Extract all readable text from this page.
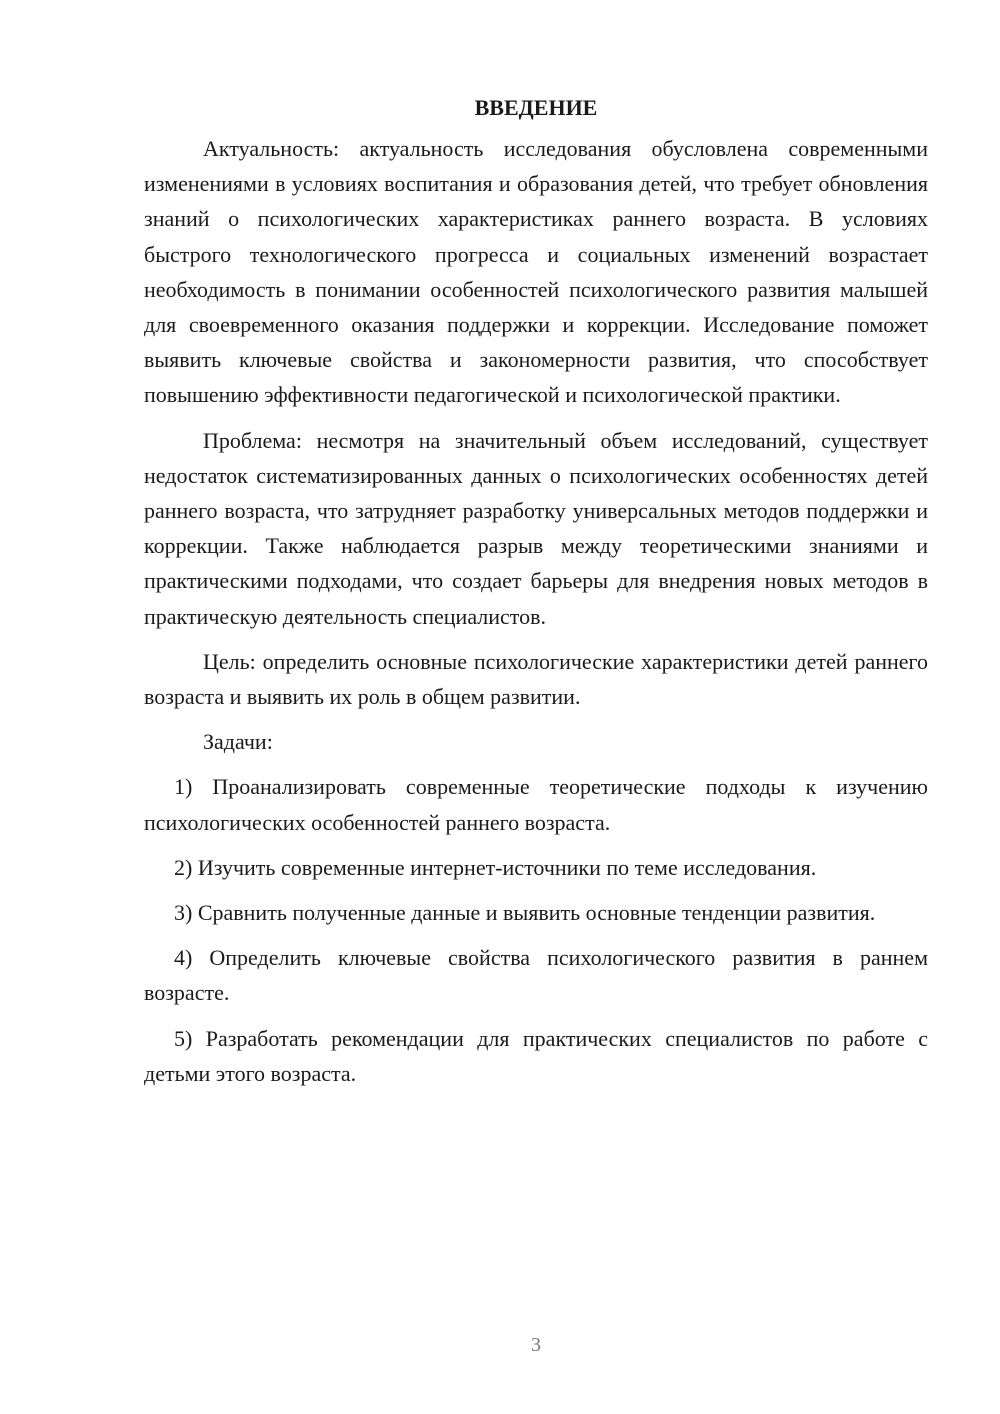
ВВЕДЕНИЕ

Актуальность: актуальность исследования обусловлена современными изменениями в условиях воспитания и образования детей, что требует обновления знаний о психологических характеристиках раннего возраста. В условиях быстрого технологического прогресса и социальных изменений возрастает необходимость в понимании особенностей психологического развития малышей для своевременного оказания поддержки и коррекции. Исследование поможет выявить ключевые свойства и закономерности развития, что способствует повышению эффективности педагогической и психологической практики.

Проблема: несмотря на значительный объем исследований, существует недостаток систематизированных данных о психологических особенностях детей раннего возраста, что затрудняет разработку универсальных методов поддержки и коррекции. Также наблюдается разрыв между теоретическими знаниями и практическими подходами, что создает барьеры для внедрения новых методов в практическую деятельность специалистов.

Цель: определить основные психологические характеристики детей раннего возраста и выявить их роль в общем развитии.

Задачи:

1) Проанализировать современные теоретические подходы к изучению психологических особенностей раннего возраста.

2) Изучить современные интернет-источники по теме исследования.

3) Сравнить полученные данные и выявить основные тенденции развития.

4) Определить ключевые свойства психологического развития в раннем возрасте.

5) Разработать рекомендации для практических специалистов по работе с детьми этого возраста.

3
